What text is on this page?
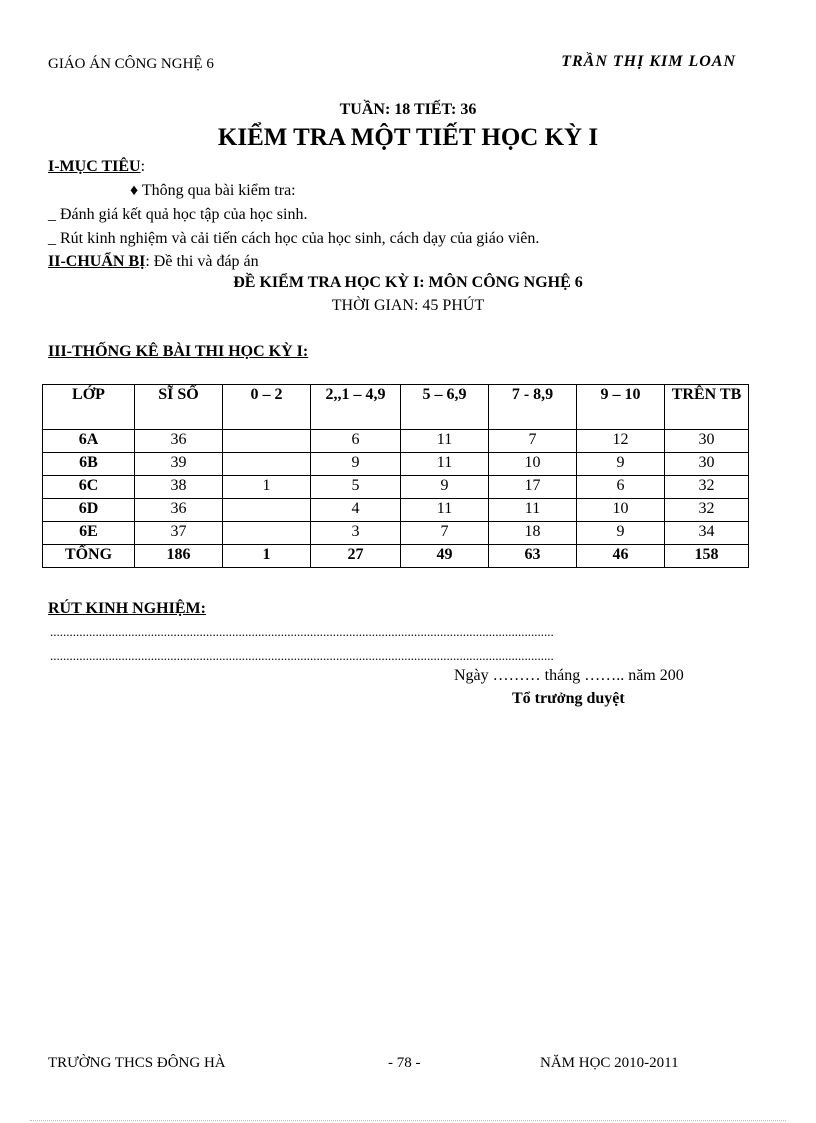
GIÁO ÁN CÔNG NGHỆ 6	TRẦN THỊ KIM LOAN
TUẦN: 18 TIẾT: 36
KIỂM TRA MỘT TIẾT HỌC KỲ I
I-MỤC TIÊU:
♦ Thông qua bài kiểm tra:
_ Đánh giá kết quả học tập của học sinh.
_ Rút kinh nghiệm và cải tiến cách học của học sinh, cách dạy của giáo viên.
II-CHUẨN BỊ: Đề thi và đáp án
ĐỀ KIỂM TRA HỌC KỲ I: MÔN CÔNG NGHỆ 6
THỜI GIAN: 45 PHÚT
III-THỐNG KÊ BÀI THI HỌC KỲ I:
LỚP	SĨ SỐ	0 – 2	2,,1 – 4,9	5 – 6,9	7 - 8,9	9 – 10	TRÊN TB
6A	36		6	11	7	12	30
6B	39		9	11	10	9	30
6C	38	1	5	9	17	6	32
6D	36		4	11	11	10	32
6E	37		3	7	18	9	34
TỔNG	186	1	27	49	63	46	158
RÚT KINH NGHIỆM:
...........................................................................................................................................................
...........................................................................................................................................................
Ngày ……… tháng …….. năm 200
Tổ trưởng duyệt
TRƯỜNG THCS ĐÔNG HÀ	- 78 -	NĂM HỌC 2010-2011
